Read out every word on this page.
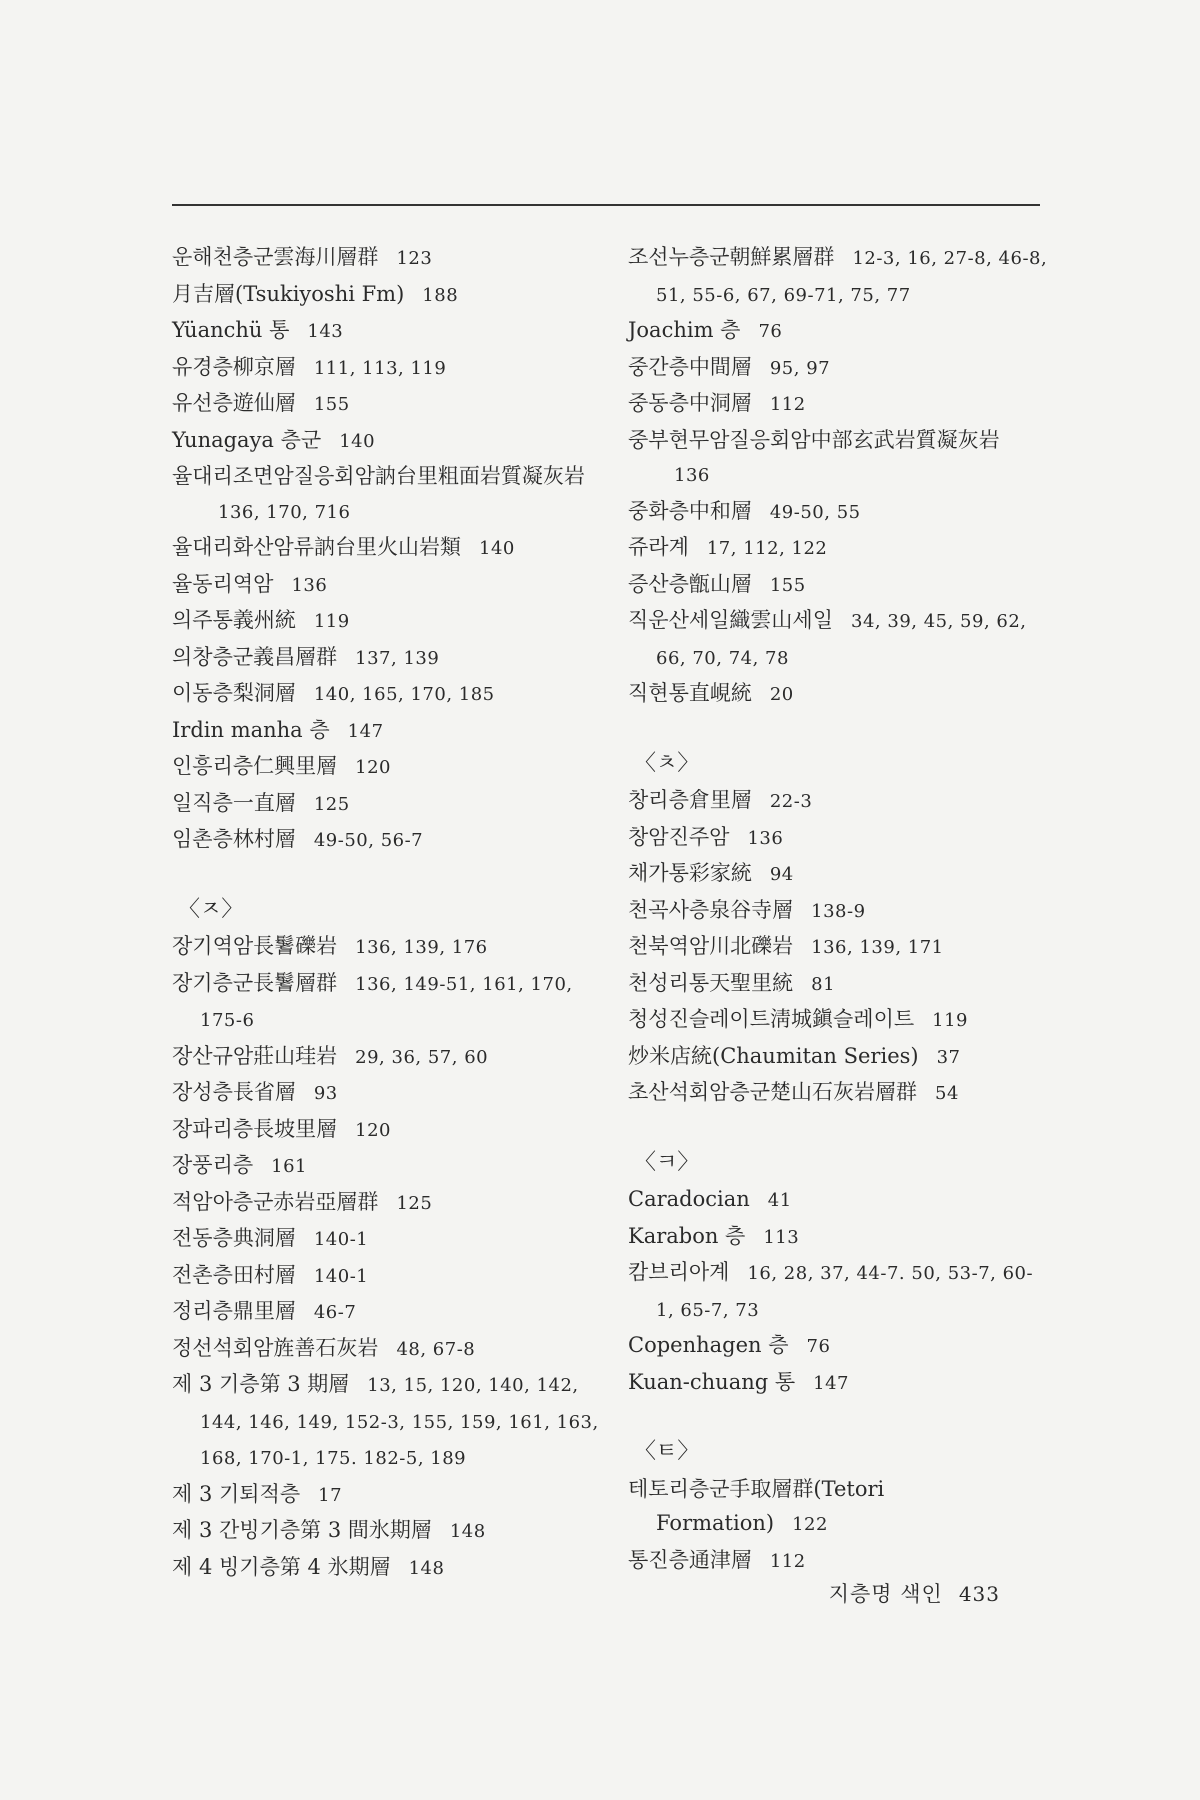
운해천층군雲海川層群 123
月吉層(Tsukiyoshi Fm) 188
Yüanchü 통 143
유경층柳京層 111, 113, 119
유선층遊仙層 155
Yunagaya 층군 140
율대리조면암질응회암訥台里粗面岩質凝灰岩136, 170, 716
율대리화산암류訥台里火山岩類 140
율동리역암 136
의주통義州統 119
의창층군義昌層群 137, 139
이동층梨洞層 140, 165, 170, 185
Irdin manha 층 147
인흥리층仁興里層 120
일직층一直層 125
임촌층林村層 49-50, 56-7
〈ㅈ〉
장기역암長鬐礫岩 136, 139, 176
장기층군長鬐層群 136, 149-51, 161, 170, 175-6
장산규암莊山珪岩 29, 36, 57, 60
장성층長省層 93
장파리층長坡里層 120
장풍리층 161
적암아층군赤岩亞層群 125
전동층典洞層 140-1
전촌층田村層 140-1
정리층鼎里層 46-7
정선석회암旌善石灰岩 48, 67-8
제 3 기층第 3 期層 13, 15, 120, 140, 142, 144, 146, 149, 152-3, 155, 159, 161, 163, 168, 170-1, 175. 182-5, 189
제 3 기퇴적층 17
제 3 간빙기층第 3 間氷期層 148
제 4 빙기층第 4 氷期層 148
조선누층군朝鮮累層群 12-3, 16, 27-8, 46-8, 51, 55-6, 67, 69-71, 75, 77
Joachim 층 76
중간층中間層 95, 97
중동층中洞層 112
중부현무암질응회암中部玄武岩質凝灰岩136
중화층中和層 49-50, 55
쥬라계 17, 112, 122
증산층甑山層 155
직운산세일織雲山세일 34, 39, 45, 59, 62, 66, 70, 74, 78
직현통直峴統 20
〈ㅊ〉
창리층倉里層 22-3
창암진주암 136
채가통彩家統 94
천곡사층泉谷寺層 138-9
천북역암川北礫岩 136, 139, 171
천성리통天聖里統 81
청성진슬레이트淸城鎭슬레이트 119
炒米店統(Chaumitan Series) 37
초산석회암층군楚山石灰岩層群 54
〈ㅋ〉
Caradocian 41
Karabon 층 113
캄브리아계 16, 28, 37, 44-7. 50, 53-7, 60-1, 65-7, 73
Copenhagen 층 76
Kuan-chuang 통 147
〈ㅌ〉
테토리층군手取層群(Tetori Formation) 122
통진층通津層 112
지층명 색인 433
